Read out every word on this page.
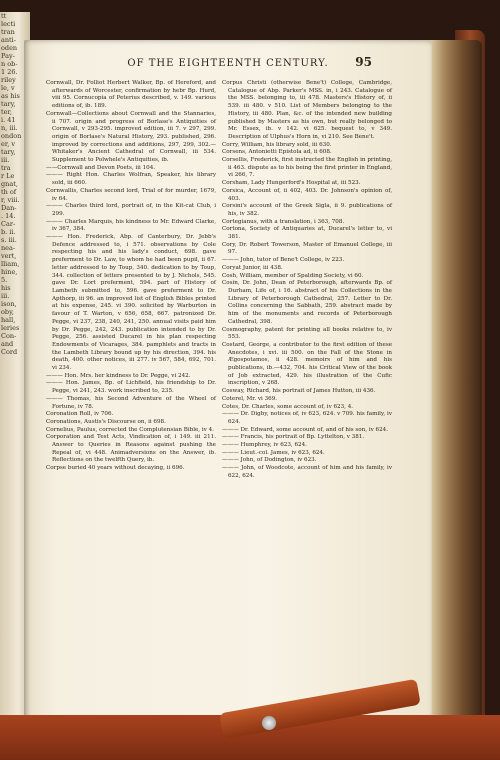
tt
lecti
tran
anti-
oden
Pay-
n ob-
1 26.
riley
le, v
as his
tary,
ter,
i. 41
n, iii.
ondon
er, v
tary,
iii.
tra
r Le
gnat,
th of
r, viii.
Dan-
. 14.
Car-
b. ii.
s. iii.
nea-
vert,
lliam,
hine,
5.
his
iii.
ison,
oby,
hall,
leries
Con-
and
Cord
OF THE EIGHTEENTH CENTURY.	95

Cornwall, Dr. Folliot Herbert Walker, Bp. of Hereford, and afterwards of Worcester, confirmation by hebr Bp. Hurd, viii 95. Cornucopia of Peterius described, v. 149. various editions of, ib. 189.

Cornwall—Collections about Cornwall and the Stannaries, ii 707. origin and progress of Borlase's Antiquities of Cornwall, v 293-295. improved edition, iii 7. v 297, 299. origin of Borlase's Natural History, 293. published, 296. improved by corrections and additions, 297, 299, 302.—Whitaker's Ancient Cathedral of Cornwall, iii 534. Supplement to Polwhele's Antiquities, ib.

——Cornwall and Devon Poets, iii 104.

——— Right Hon. Charles Wolfran, Speaker, his library sold, iii 660.

Cornwallis, Charles second lord, Trial of for murder, 1679, iv 64.

——— Charles third lord, portrait of, in the Kit-cat Club, i 299.

——— Charles Marquis, his kindness to Mr. Edward Clarke, iv 367, 384.

——— Hon. Frederick, Abp. of Canterbury, Dr. Jebb's Defence addressed to, i 571. observations by Cole respecting his and his lady's conduct, 698. gave preferment to Dr. Law, to whom he had been pupil, ii 67. letter addressed to by Toup, 340. dedication to by Toup, 344. collection of letters presented to by J. Nichols, 545. gave Dr. Lort preferment, 594. part of History of Lambeth submitted to, 596. gave preferment to Dr. Apthorp, iii 96. an improved list of English Bibles printed at his expense, 245. vi 390. solicited by Warburton in favour of T. Warton, v 656, 658, 667. patronized Dr. Pegge, vi 237, 238, 240, 241, 250. annual visits paid him by Dr. Pegge, 242, 243. publication intended to by Dr. Pegge, 256. assisted Ducarel in his plan respecting Endowments of Vicarages, 384. pamphlets and tracts in the Lambeth Library bound up by his direction, 394. his death, 400. other notices, iii 277. iv 567, 584, 692, 701. vi 234.

——— Hon. Mrs. her kindness to Dr. Pegge, vi 242.

——— Hon. James, Bp. of Lichfield, his friendship to Dr. Pegge, vi 241, 243. work inscribed to, 235.

——— Thomas, his Second Adventure of the Wheel of Fortune, iv 78.

Coronation Roll, iv 706.

Coronations, Austis's Discourse on, ii 698.

Cornelius, Paulus, corrected the Complutensian Bible, iv 4.

Corporation and Test Acts, Vindication of, i 149. iii 211. Answer to Queries in Reasons against pushing the Repeal of, vi 448. Animadversions on the Answer, ib. Reflections on the twelfth Query, ib.

Corpse buried 40 years without decaying, ii 696.

Corpus Christi (otherwise Bene't) College, Cambridge, Catalogue of Abp. Parker's MSS. in, i 243. Catalogue of the MSS. belonging to, iii 478. Masters's History of, ii 539. iii 480. v 510. List of Members belonging to the History, iii 480. Plan, &c. of the intended new building published by Masters as his own, but really belonged to Mr. Essex, ib. v 142. vi 625. bequest to, v 349. Description of Ulphus's Horn in, vi 210. See Bene't.

Corry, William, his library sold, iii 630.

Corsens, Antonietti Epistola ad, ii 608.

Corsellis, Frederick, first instructed the English in printing, ii 463. dispute as to his being the first printer in England, vi 266, 7.

Corsham, Lady Hungerford's Hospital at, iii 523.

Corsica, Account of, ii 402, 403. Dr. Johnson's opinion of, 403.

Corsini's account of the Greek Sigla, ii 9. publications of his, iv 382.

Cortegianus, with a translation, i 363, 708.

Cortona, Society of Antiquaries at, Ducarel's letter to, vi 381.

Cory, Dr. Robert Towerson, Master of Emanuel College, iii 97.

——— John, tutor of Bene't College, iv 223.

Coryat Junior, iii 438.

Cosh, William, member of Spalding Society, vi 60.

Cosin, Dr. John, Dean of Peterborough, afterwards Bp. of Durham, Life of, i 16. abstract of his Collections in the Library of Peterborough Cathedral, 257. Letter to Dr. Collins concerning the Sabbath, 259. abstract made by him of the monuments and records of Peterborough Cathedral, 398.

Cosmography, patent for printing all books relative to, iv 553.

Costard, George, a contributor to the first edition of these Anecdotes, i xvi. iii 500. on the Fall of the Stone in Ægospotamos, ii 428. memoirs of him and his publications, ib.—432, 704. his Critical View of the book of Job extracted, 429. his illustration of the Cufic inscription, v 268.

Cosway, Richard, his portrait of James Hutton, iii 436.

Coterel, Mr. vi 369.

Cotes, Dr. Charles, some account of, iv 623, 4.

——— Dr. Digby, notices of, iv 623, 624. v 709. his family, iv 624.

——— Dr. Edward, some account of, and of his son, iv 624.

——— Francis, his portrait of Bp. Lyttelton, v 381.

——— Humphrey, iv 623, 624.

——— Lieut.-col. James, iv 623, 624.

——— John, of Dodington, iv 623.

——— John, of Woodcote, account of him and his family, iv 622, 624.
